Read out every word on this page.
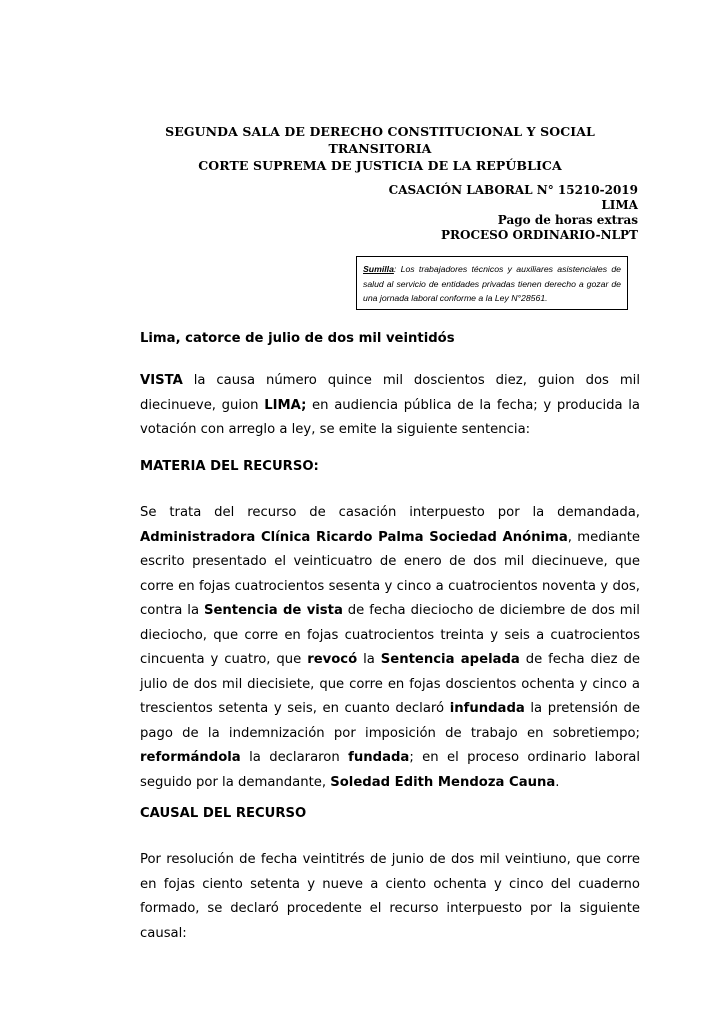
SEGUNDA SALA DE DERECHO CONSTITUCIONAL Y SOCIAL TRANSITORIA
CORTE SUPREMA DE JUSTICIA DE LA REPÚBLICA
CASACIÓN LABORAL N° 15210-2019
LIMA
Pago de horas extras
PROCESO ORDINARIO-NLPT
Sumilla: Los trabajadores técnicos y auxiliares asistenciales de salud al servicio de entidades privadas tienen derecho a gozar de una jornada laboral conforme a la Ley N°28561.
Lima, catorce de julio de dos mil veintidós
VISTA la causa número quince mil doscientos diez, guion dos mil diecinueve, guion LIMA; en audiencia pública de la fecha; y producida la votación con arreglo a ley, se emite la siguiente sentencia:
MATERIA DEL RECURSO:
Se trata del recurso de casación interpuesto por la demandada, Administradora Clínica Ricardo Palma Sociedad Anónima, mediante escrito presentado el veinticuatro de enero de dos mil diecinueve, que corre en fojas cuatrocientos sesenta y cinco a cuatrocientos noventa y dos, contra la Sentencia de vista de fecha dieciocho de diciembre de dos mil dieciocho, que corre en fojas cuatrocientos treinta y seis a cuatrocientos cincuenta y cuatro, que revocó la Sentencia apelada de fecha diez de julio de dos mil diecisiete, que corre en fojas doscientos ochenta y cinco a trescientos setenta y seis, en cuanto declaró infundada la pretensión de pago de la indemnización por imposición de trabajo en sobretiempo; reformándola la declararon fundada; en el proceso ordinario laboral seguido por la demandante, Soledad Edith Mendoza Cauna.
CAUSAL DEL RECURSO
Por resolución de fecha veintitrés de junio de dos mil veintiuno, que corre en fojas ciento setenta y nueve a ciento ochenta y cinco del cuaderno formado, se declaró procedente el recurso interpuesto por la siguiente causal:
